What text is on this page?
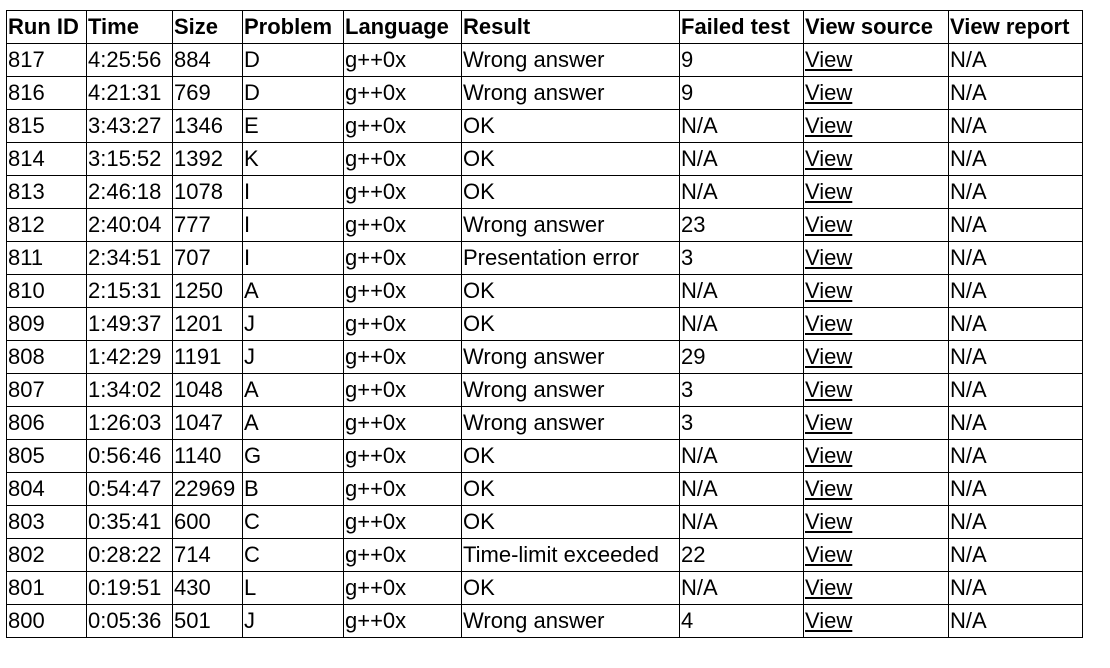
Run ID	Time	Size	Problem	Language	Result	Failed test	View source	View report
817	4:25:56	884	D	g++0x	Wrong answer	9	View	N/A
816	4:21:31	769	D	g++0x	Wrong answer	9	View	N/A
815	3:43:27	1346	E	g++0x	OK	N/A	View	N/A
814	3:15:52	1392	K	g++0x	OK	N/A	View	N/A
813	2:46:18	1078	I	g++0x	OK	N/A	View	N/A
812	2:40:04	777	I	g++0x	Wrong answer	23	View	N/A
811	2:34:51	707	I	g++0x	Presentation error	3	View	N/A
810	2:15:31	1250	A	g++0x	OK	N/A	View	N/A
809	1:49:37	1201	J	g++0x	OK	N/A	View	N/A
808	1:42:29	1191	J	g++0x	Wrong answer	29	View	N/A
807	1:34:02	1048	A	g++0x	Wrong answer	3	View	N/A
806	1:26:03	1047	A	g++0x	Wrong answer	3	View	N/A
805	0:56:46	1140	G	g++0x	OK	N/A	View	N/A
804	0:54:47	22969	B	g++0x	OK	N/A	View	N/A
803	0:35:41	600	C	g++0x	OK	N/A	View	N/A
802	0:28:22	714	C	g++0x	Time-limit exceeded	22	View	N/A
801	0:19:51	430	L	g++0x	OK	N/A	View	N/A
800	0:05:36	501	J	g++0x	Wrong answer	4	View	N/A
